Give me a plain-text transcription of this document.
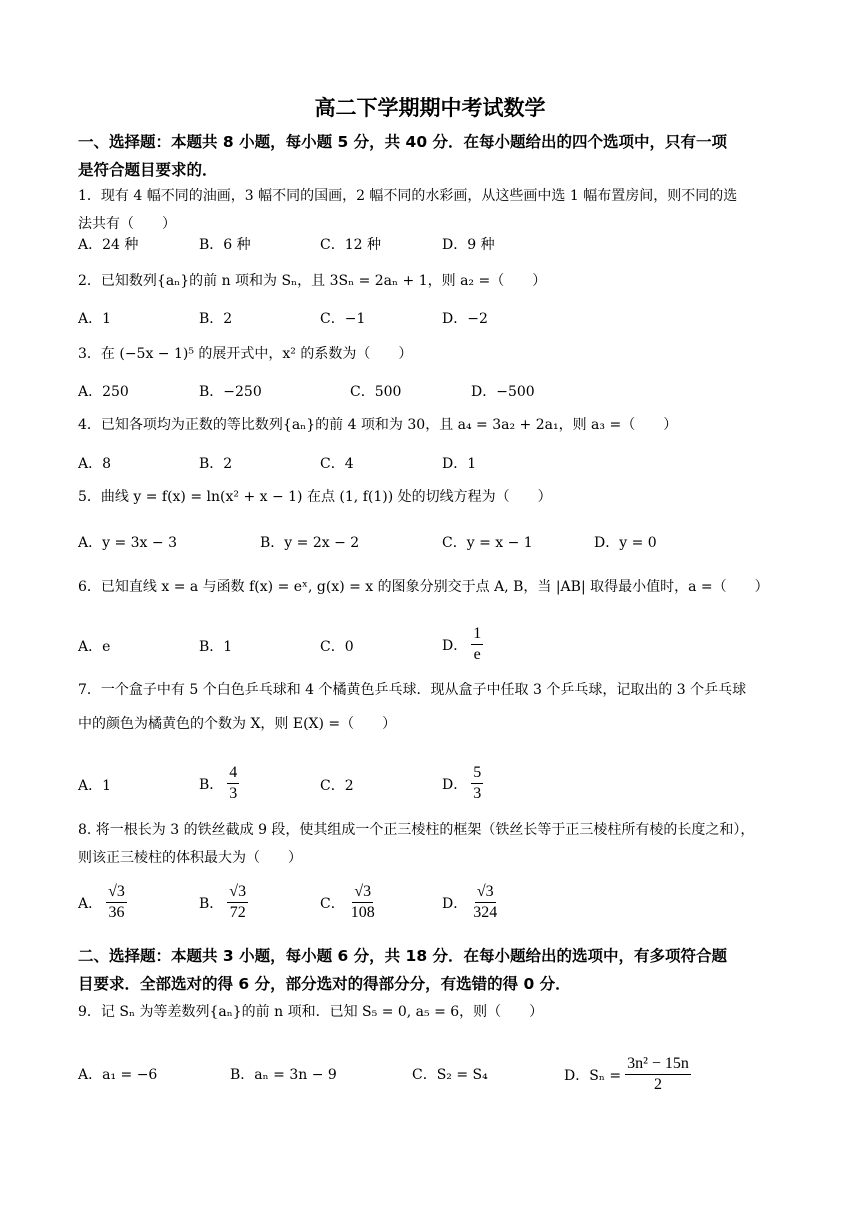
高二下学期期中考试数学
一、选择题：本题共 8 小题，每小题 5 分，共 40 分．在每小题给出的四个选项中，只有一项
是符合题目要求的．
1．现有 4 幅不同的油画，3 幅不同的国画，2 幅不同的水彩画，从这些画中选 1 幅布置房间，则不同的选
法共有（　　）
A．24 种	B．6 种	C．12 种	D．9 种
2．已知数列{aₙ}的前 n 项和为 Sₙ，且 3Sₙ = 2aₙ + 1，则 a₂ =（　　）
A．1	B．2	C．−1	D．−2
3．在 (−5x − 1)⁵ 的展开式中，x² 的系数为（　　）
A．250	B．−250	C．500	D．−500
4．已知各项均为正数的等比数列{aₙ}的前 4 项和为 30，且 a₄ = 3a₂ + 2a₁，则 a₃ =（　　）
A．8	B．2	C．4	D．1
5．曲线 y = f(x) = ln(x² + x − 1) 在点 (1, f(1)) 处的切线方程为（　　）
A．y = 3x − 3	B．y = 2x − 2	C．y = x − 1	D．y = 0
6．已知直线 x = a 与函数 f(x) = eˣ, g(x) = x 的图象分别交于点 A, B，当 |AB| 取得最小值时，a =（　　）
A．e	B．1	C．0	D． $\frac{1}{e}$
7．一个盒子中有 5 个白色乒乓球和 4 个橘黄色乒乓球．现从盒子中任取 3 个乒乓球，记取出的 3 个乒乓球
中的颜色为橘黄色的个数为 X，则 E(X) =（　　）
A．1	B． $\frac{4}{3}$	C．2	D． $\frac{5}{3}$
8. 将一根长为 3 的铁丝截成 9 段，使其组成一个正三棱柱的框架（铁丝长等于正三棱柱所有棱的长度之和），
则该正三棱柱的体积最大为（　　）
A． $\frac{√3}{36}$	B． $\frac{√3}{72}$	C． $\frac{√3}{108}$	D． $\frac{√3}{324}$
二、选择题：本题共 3 小题，每小题 6 分，共 18 分．在每小题给出的选项中，有多项符合题
目要求．全部选对的得 6 分，部分选对的得部分分，有选错的得 0 分．
9．记 Sₙ 为等差数列{aₙ}的前 n 项和．已知 S₅ = 0, a₅ = 6，则（　　）
A．a₁ = −6	B．aₙ = 3n − 9	C．S₂ = S₄	D．$S_n = \frac{\text{3n² − 15n}}{2}$
